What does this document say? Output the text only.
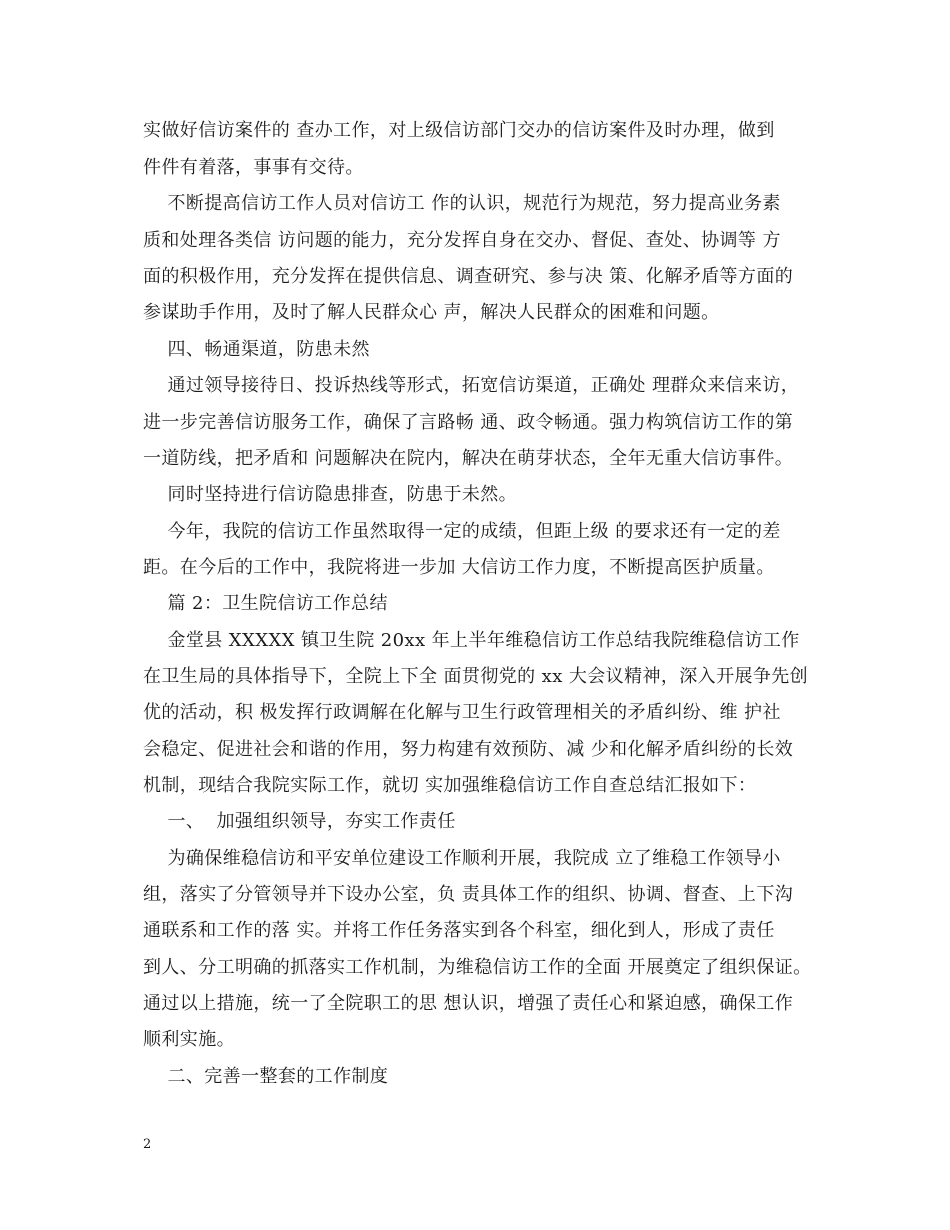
实做好信访案件的 查办工作，对上级信访部门交办的信访案件及时办理，做到
件件有着落，事事有交待。
不断提高信访工作人员对信访工 作的认识，规范行为规范，努力提高业务素
质和处理各类信 访问题的能力，充分发挥自身在交办、督促、查处、协调等 方
面的积极作用，充分发挥在提供信息、调查研究、参与决 策、化解矛盾等方面的
参谋助手作用，及时了解人民群众心 声，解决人民群众的困难和问题。
四、畅通渠道，防患未然
通过领导接待日、投诉热线等形式，拓宽信访渠道，正确处 理群众来信来访，
进一步完善信访服务工作，确保了言路畅 通、政令畅通。强力构筑信访工作的第
一道防线，把矛盾和 问题解决在院内，解决在萌芽状态，全年无重大信访事件。
同时坚持进行信访隐患排查，防患于未然。
今年，我院的信访工作虽然取得一定的成绩，但距上级 的要求还有一定的差
距。在今后的工作中，我院将进一步加 大信访工作力度，不断提高医护质量。
篇 2：卫生院信访工作总结
金堂县 XXXXX 镇卫生院 20xx 年上半年维稳信访工作总结我院维稳信访工作
在卫生局的具体指导下，全院上下全 面贯彻党的 xx 大会议精神，深入开展争先创
优的活动，积 极发挥行政调解在化解与卫生行政管理相关的矛盾纠纷、维 护社
会稳定、促进社会和谐的作用，努力构建有效预防、减 少和化解矛盾纠纷的长效
机制，现结合我院实际工作，就切 实加强维稳信访工作自查总结汇报如下：
一、  加强组织领导，夯实工作责任
为确保维稳信访和平安单位建设工作顺利开展，我院成 立了维稳工作领导小
组，落实了分管领导并下设办公室，负 责具体工作的组织、协调、督查、上下沟
通联系和工作的落 实。并将工作任务落实到各个科室，细化到人，形成了责任
到人、分工明确的抓落实工作机制，为维稳信访工作的全面 开展奠定了组织保证。
通过以上措施，统一了全院职工的思 想认识，增强了责任心和紧迫感，确保工作
顺利实施。
二、完善一整套的工作制度
2
